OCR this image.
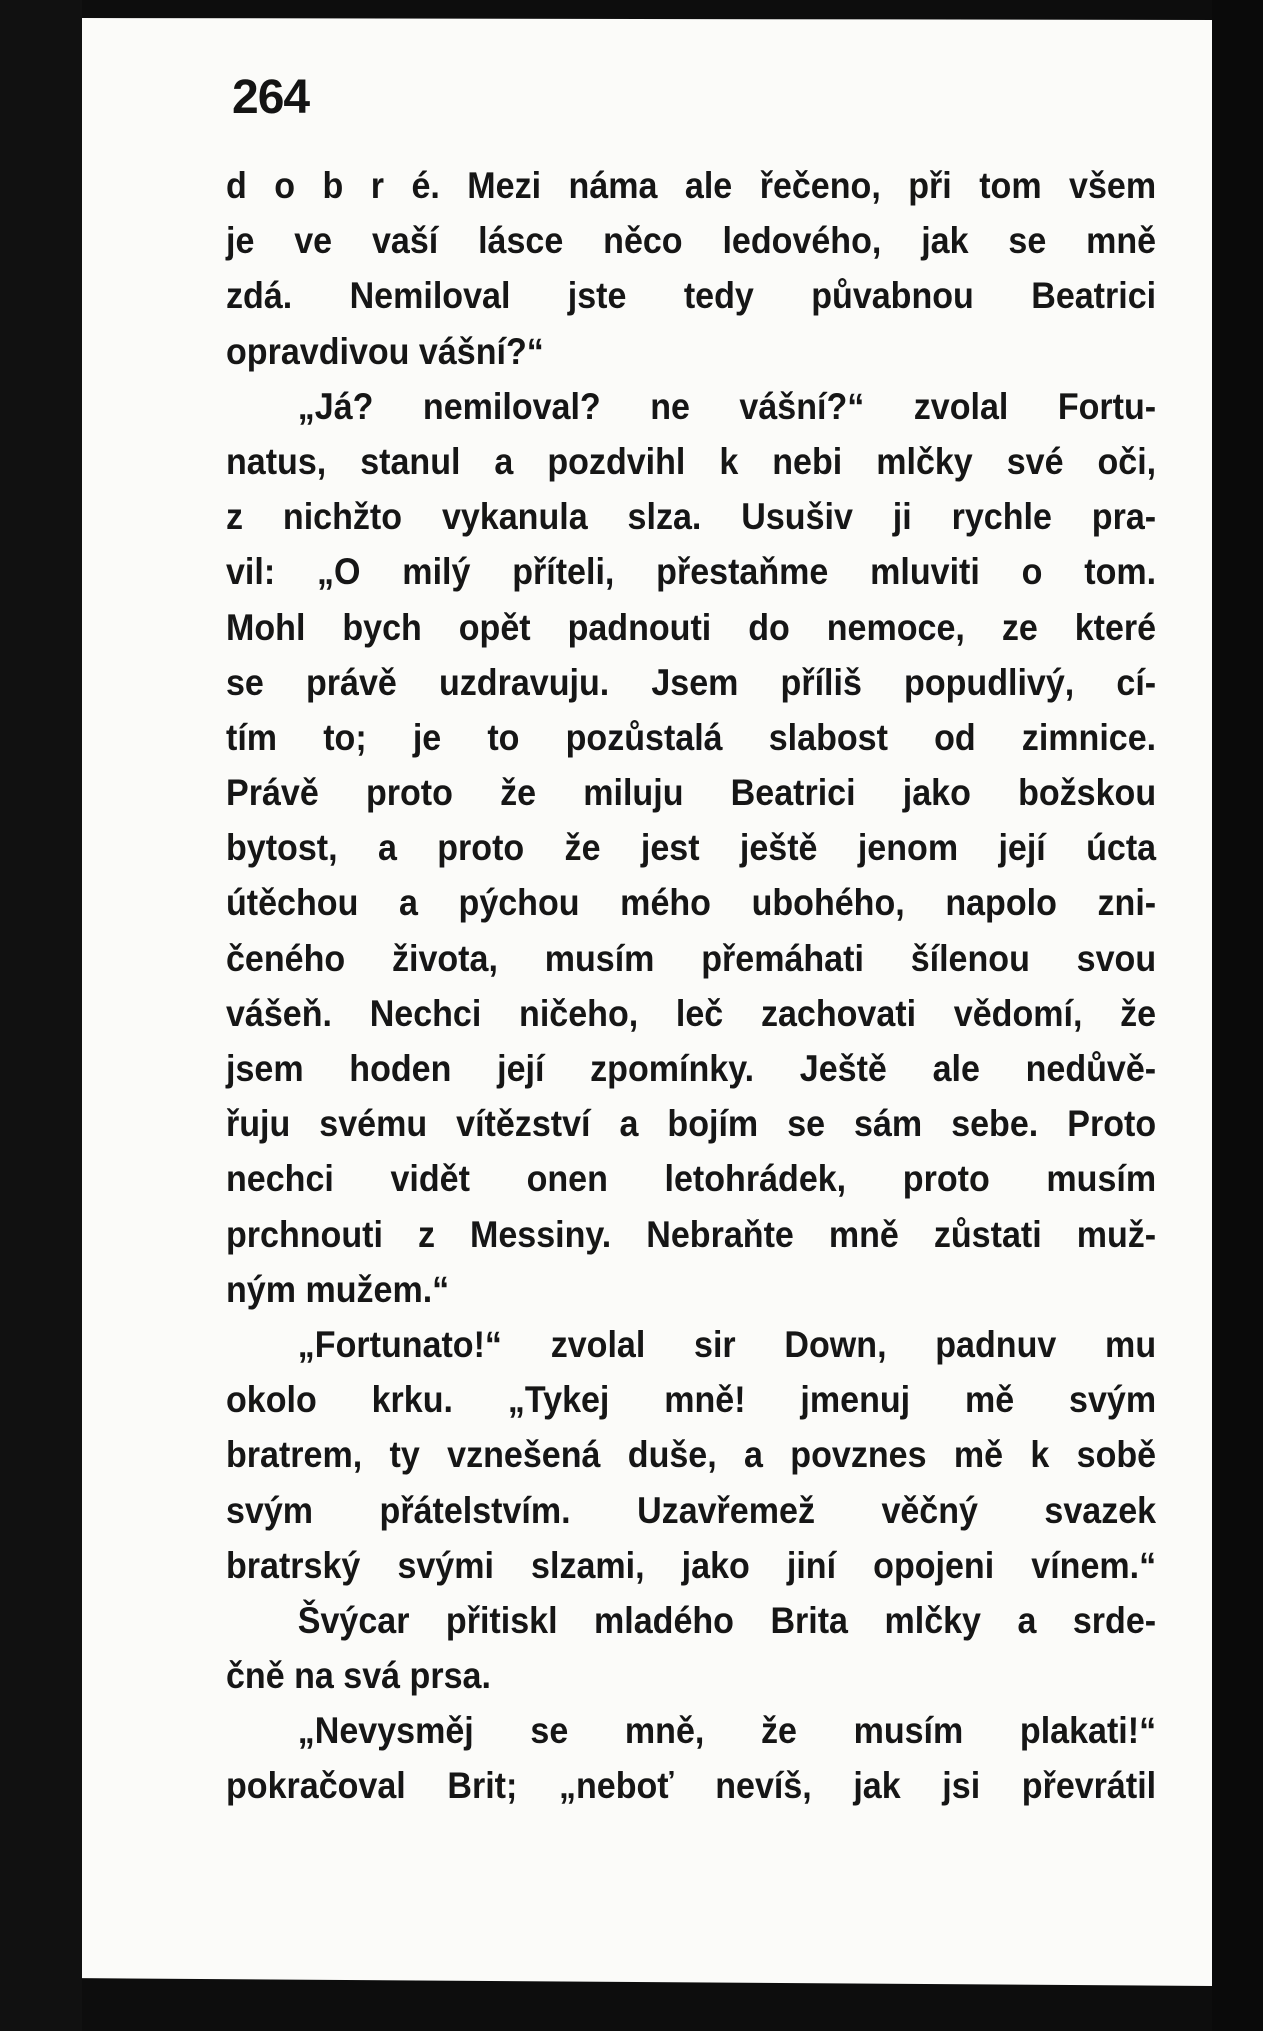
264
d o b r é. Mezi náma ale řečeno, při tom všem
je ve vaší lásce něco ledového, jak se mně
zdá. Nemiloval jste tedy půvabnou Beatrici
opravdivou vášní?“
„Já? nemiloval? ne vášní?“ zvolal Fortu-
natus, stanul a pozdvihl k nebi mlčky své oči,
z nichžto vykanula slza. Usušiv ji rychle pra-
vil: „O milý příteli, přestaňme mluviti o tom.
Mohl bych opět padnouti do nemoce, ze které
se právě uzdravuju. Jsem příliš popudlivý, cí-
tím to; je to pozůstalá slabost od zimnice.
Právě proto že miluju Beatrici jako božskou
bytost, a proto že jest ještě jenom její úcta
útěchou a pýchou mého ubohého, napolo zni-
čeného života, musím přemáhati šílenou svou
vášeň. Nechci ničeho, leč zachovati vědomí, že
jsem hoden její zpomínky. Ještě ale nedůvě-
řuju svému vítězství a bojím se sám sebe. Proto
nechci vidět onen letohrádek, proto musím
prchnouti z Messiny. Nebraňte mně zůstati muž-
ným mužem.“
„Fortunato!“ zvolal sir Down, padnuv mu
okolo krku. „Tykej mně! jmenuj mě svým
bratrem, ty vznešená duše, a povznes mě k sobě
svým přátelstvím. Uzavřemež věčný svazek
bratrský svými slzami, jako jiní opojeni vínem.“
Švýcar přitiskl mladého Brita mlčky a srde-
čně na svá prsa.
„Nevysměj se mně, že musím plakati!“
pokračoval Brit; „neboť nevíš, jak jsi převrátil
